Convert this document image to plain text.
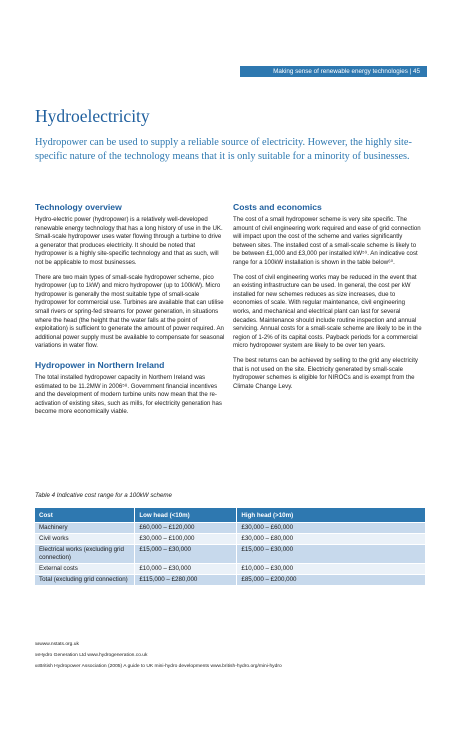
Making sense of renewable energy technologies | 45
Hydroelectricity

Hydropower can be used to supply a reliable source of electricity. However, the highly site-specific nature of the technology means that it is only suitable for a minority of businesses.

Technology overview

Hydro-electric power (hydropower) is a relatively well-developed renewable energy technology that has a long history of use in the UK. Small-scale hydropower uses water flowing through a turbine to drive a generator that produces electricity. It should be noted that hydropower is a highly site-specific technology and that as such, will not be applicable to most businesses.

There are two main types of small-scale hydropower scheme, pico hydropower (up to 1kW) and micro hydropower (up to 100kW). Micro hydropower is generally the most suitable type of small-scale hydropower for commercial use. Turbines are available that can utilise small rivers or spring-fed streams for power generation, in situations where the head (the height that the water falls at the point of exploitation) is sufficient to generate the amount of power required. An additional power supply must be available to compensate for seasonal variations in water flow.

Hydropower in Northern Ireland

The total installed hydropower capacity in Northern Ireland was estimated to be 11.2MW in 2006⁵⁸. Government financial incentives and the development of modern turbine units now mean that the re-activation of existing sites, such as mills, for electricity generation has become more economically viable.

Costs and economics

The cost of a small hydropower scheme is very site specific. The amount of civil engineering work required and ease of grid connection will impact upon the cost of the scheme and varies significantly between sites. The installed cost of a small-scale scheme is likely to be between £1,000 and £3,000 per installed kW⁵⁹. An indicative cost range for a 100kW installation is shown in the table below⁶⁰.

The cost of civil engineering works may be reduced in the event that an existing infrastructure can be used. In general, the cost per kW installed for new schemes reduces as size increases, due to economies of scale. With regular maintenance, civil engineering works, and mechanical and electrical plant can last for several decades. Maintenance should include routine inspection and annual servicing. Annual costs for a small-scale scheme are likely to be in the region of 1-2% of its capital costs. Payback periods for a commercial micro hydropower system are likely to be over ten years.

The best returns can be achieved by selling to the grid any electricity that is not used on the site. Electricity generated by small-scale hydropower schemes is eligible for NIROCs and is exempt from the Climate Change Levy.

Table 4 Indicative cost range for a 100kW scheme

Cost	Low head (<10m)	High head (>10m)
Machinery	£60,000 – £120,000	£30,000 – £60,000
Civil works	£30,000 – £100,000	£30,000 – £80,000
Electrical works (excluding grid connection)	£15,000 – £30,000	£15,000 – £30,000
External costs	£10,000 – £30,000	£10,000 – £30,000
Total (excluding grid connection)	£115,000 – £280,000	£85,000 – £200,000

$^{58}$www.nstats.org.uk

$^{59}$Hydro Generation Ltd www.hydrogeneration.co.uk

$^{60}$British Hydropower Association (2005) A guide to UK mini-hydro developments www.british-hydro.org/mini-hydro
